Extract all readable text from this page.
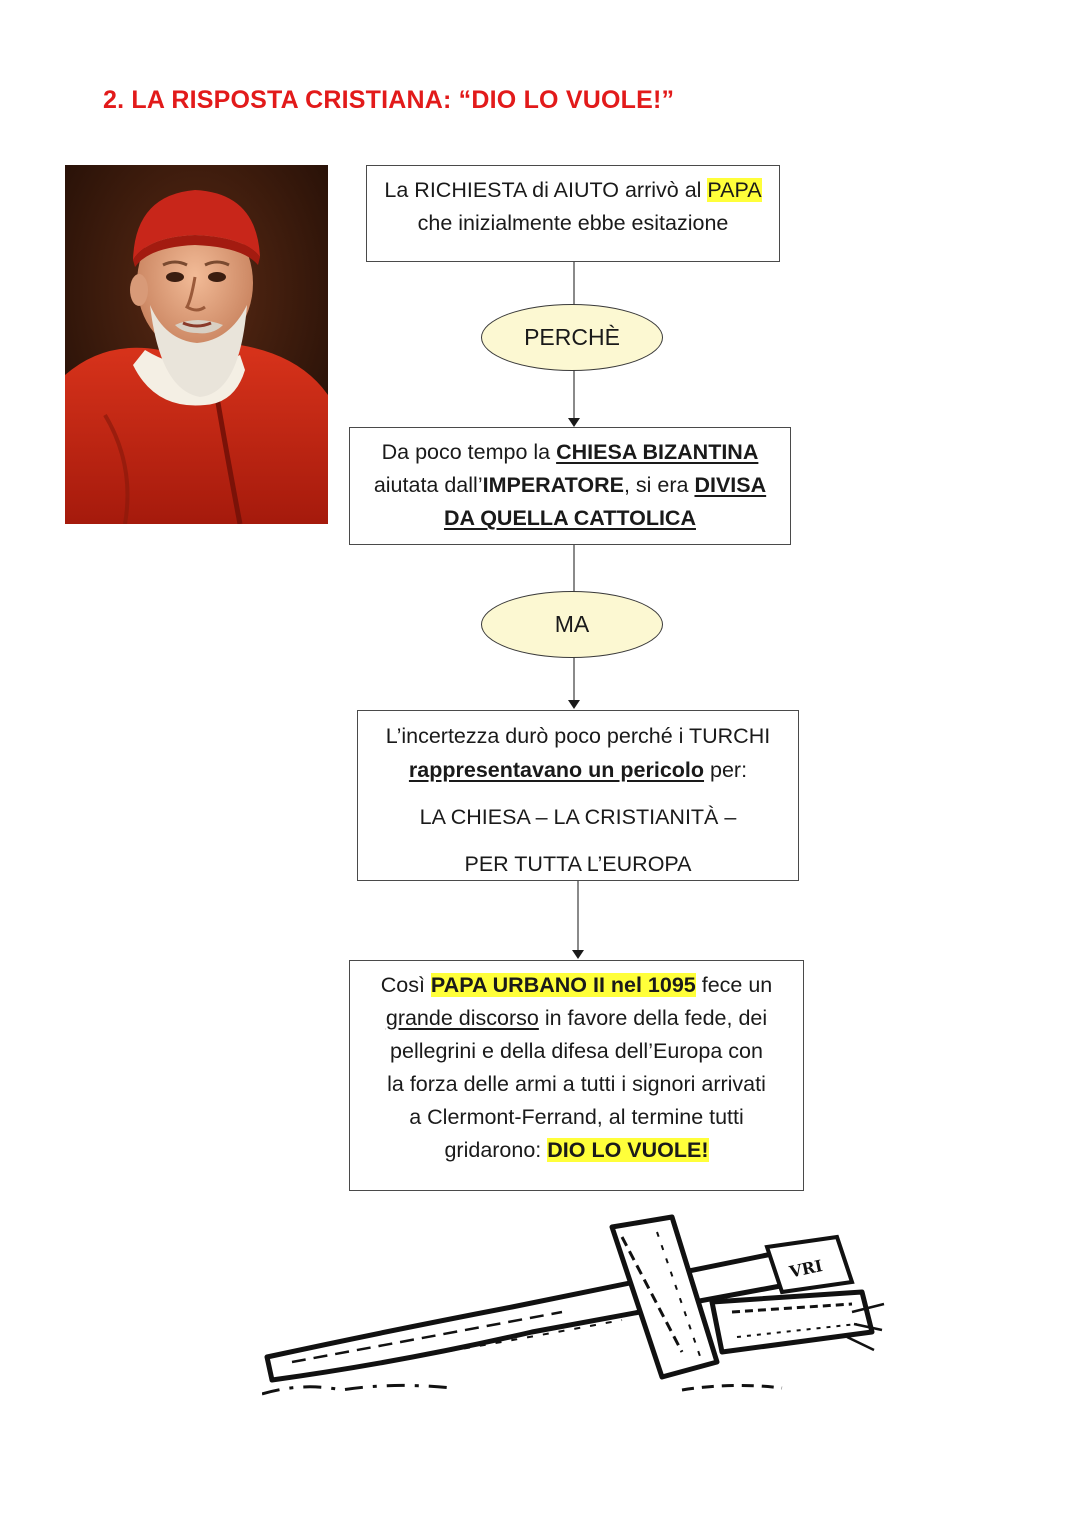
2. LA RISPOSTA CRISTIANA: “DIO LO VUOLE!”

La RICHIESTA di AIUTO arrivò al PAPA

che inizialmente ebbe esitazione

PERCHÈ

Da poco tempo la CHIESA BIZANTINA

aiutata dall’IMPERATORE, si era DIVISA

DA QUELLA CATTOLICA

MA

L’incertezza durò poco perché i TURCHI

rappresentavano un pericolo per:

LA CHIESA – LA CRISTIANITÀ –

PER TUTTA L’EUROPA

Così PAPA URBANO II nel 1095 fece un

grande discorso in favore della fede, dei

pellegrini e della difesa dell’Europa con

la forza delle armi a tutti i signori arrivati

a Clermont-Ferrand, al termine tutti

gridarono: DIO LO VUOLE!

VRI
